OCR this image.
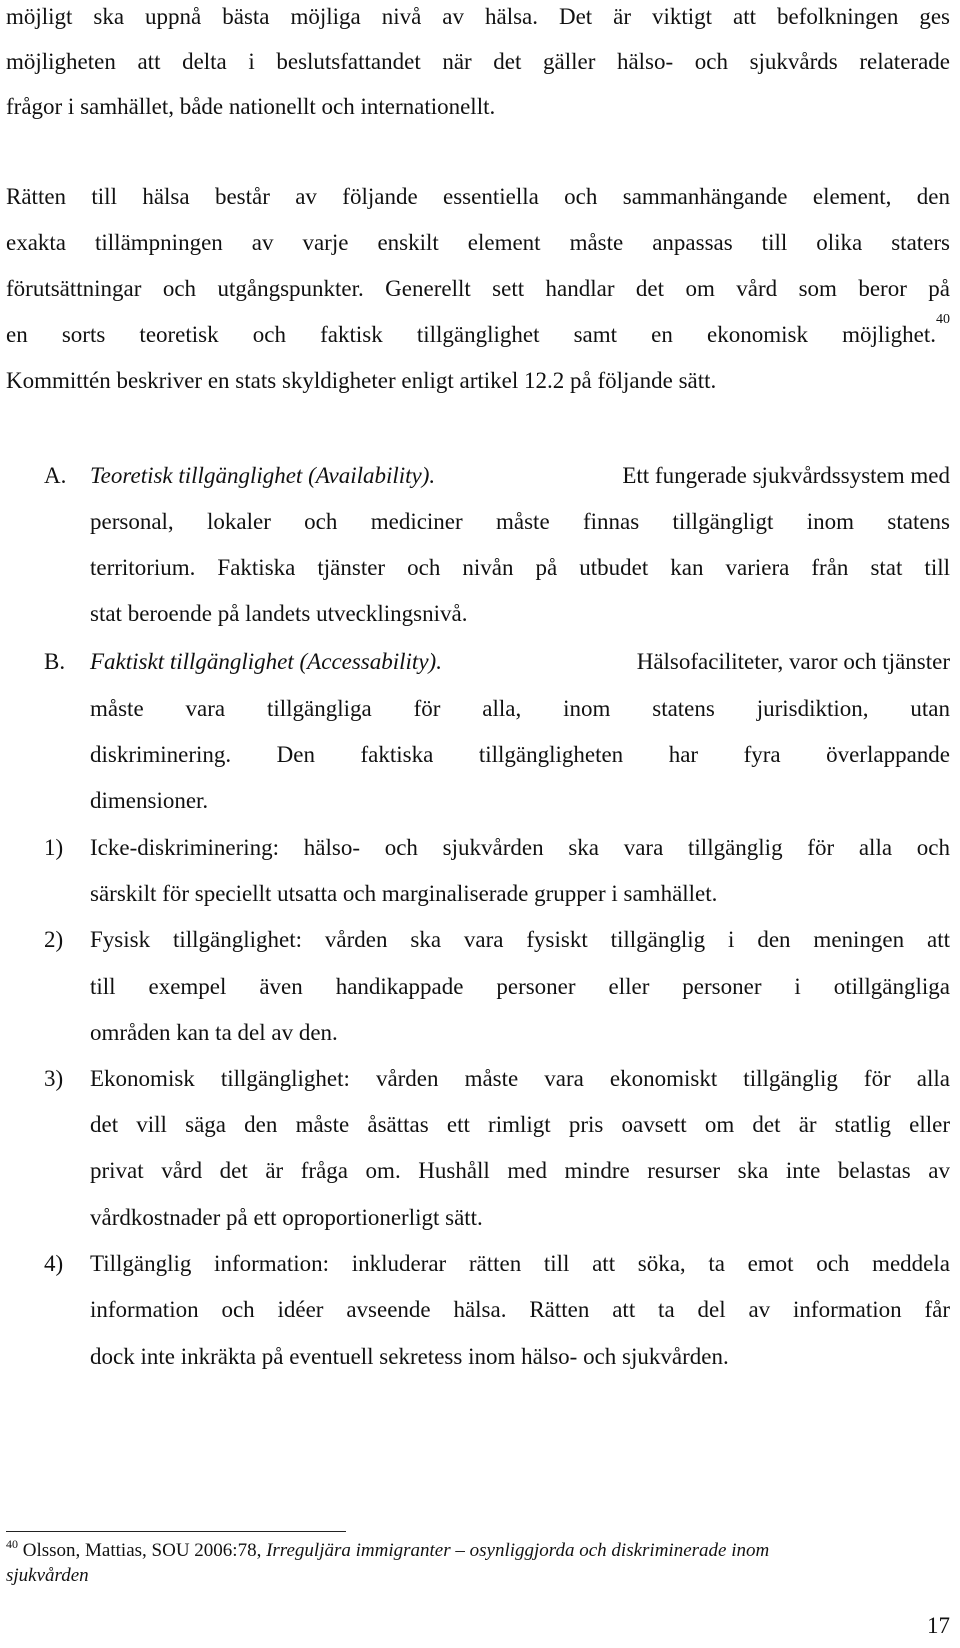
möjligt ska uppnå bästa möjliga nivå av hälsa. Det är viktigt att befolkningen ges
möjligheten att delta i beslutsfattandet när det gäller hälso- och sjukvårds relaterade
frågor i samhället, både nationellt och internationellt.
Rätten till hälsa består av följande essentiella och sammanhängande element, den
exakta tillämpningen av varje enskilt element måste anpassas till olika staters
förutsättningar och utgångspunkter. Generellt sett handlar det om vård som beror på
en sorts teoretisk och faktisk tillgänglighet samt en ekonomisk möjlighet.
40
Kommittén beskriver en stats skyldigheter enligt artikel 12.2 på följande sätt.
A. Teoretisk tillgänglighet (Availability).	Ett fungerade sjukvårdssystem med
personal, lokaler och mediciner måste finnas tillgängligt inom statens
territorium. Faktiska tjänster och nivån på utbudet kan variera från stat till
stat beroende på landets utvecklingsnivå.
B. Faktiskt tillgänglighet (Accessability).	Hälsofaciliteter, varor och tjänster
måste vara tillgängliga för alla, inom statens jurisdiktion, utan
diskriminering. Den faktiska tillgängligheten har fyra överlappande
dimensioner.
1) Icke-diskriminering: hälso- och sjukvården ska vara tillgänglig för alla och
särskilt för speciellt utsatta och marginaliserade grupper i samhället.
2) Fysisk tillgänglighet: vården ska vara fysiskt tillgänglig i den meningen att
till exempel även handikappade personer eller personer i otillgängliga
områden kan ta del av den.
3) Ekonomisk tillgänglighet: vården måste vara ekonomiskt tillgänglig för alla
det vill säga den måste åsättas ett rimligt pris oavsett om det är statlig eller
privat vård det är fråga om. Hushåll med mindre resurser ska inte belastas av
vårdkostnader på ett oproportionerligt sätt.
4) Tillgänglig information: inkluderar rätten till att söka, ta emot och meddela
information och idéer avseende hälsa. Rätten att ta del av information får
dock inte inkräkta på eventuell sekretess inom hälso- och sjukvården.
$^{40}$ Olsson, Mattias, SOU 2006:78, Irreguljära immigranter – osynliggjorda och diskriminerade inom
sjukvården
17
